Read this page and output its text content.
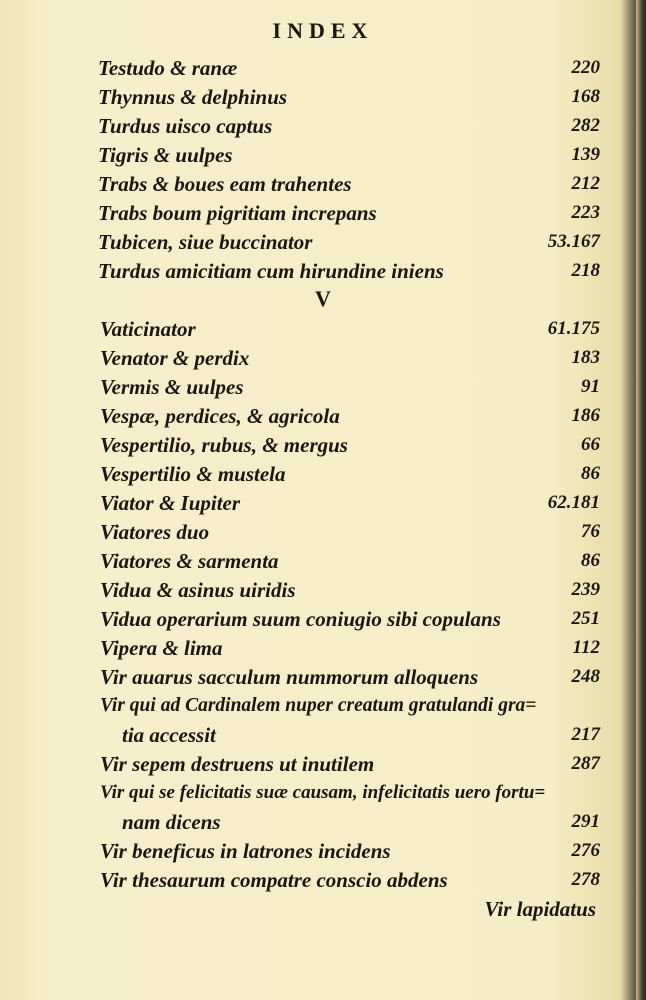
INDEX
Testudo & ranæ	220
Thynnus & delphinus	168
Turdus uisco captus	282
Tigris & uulpes	139
Trabs & boues eam trahentes	212
Trabs boum pigritiam increpans	223
Tubicen, siue buccinator	53.167
Turdus amicitiam cum hirundine iniens	218
V
Vaticinator	61.175
Venator & perdix	183
Vermis & uulpes	91
Vespæ, perdices, & agricola	186
Vespertilio, rubus, & mergus	66
Vespertilio & mustela	86
Viator & Iupiter	62.181
Viatores duo	76
Viatores & sarmenta	86
Vidua & asinus uiridis	239
Vidua operarium suum coniugio sibi copulans	251
Vipera & lima	112
Vir auarus sacculum nummorum alloquens	248
Vir qui ad Cardinalem nuper creatum gratulandi gra=
tia accessit	217
Vir sepem destruens ut inutilem	287
Vir qui se felicitatis suæ causam, infelicitatis uero fortu=
nam dicens	291
Vir beneficus in latrones incidens	276
Vir thesaurum compatre conscio abdens	278
Vir lapidatus
